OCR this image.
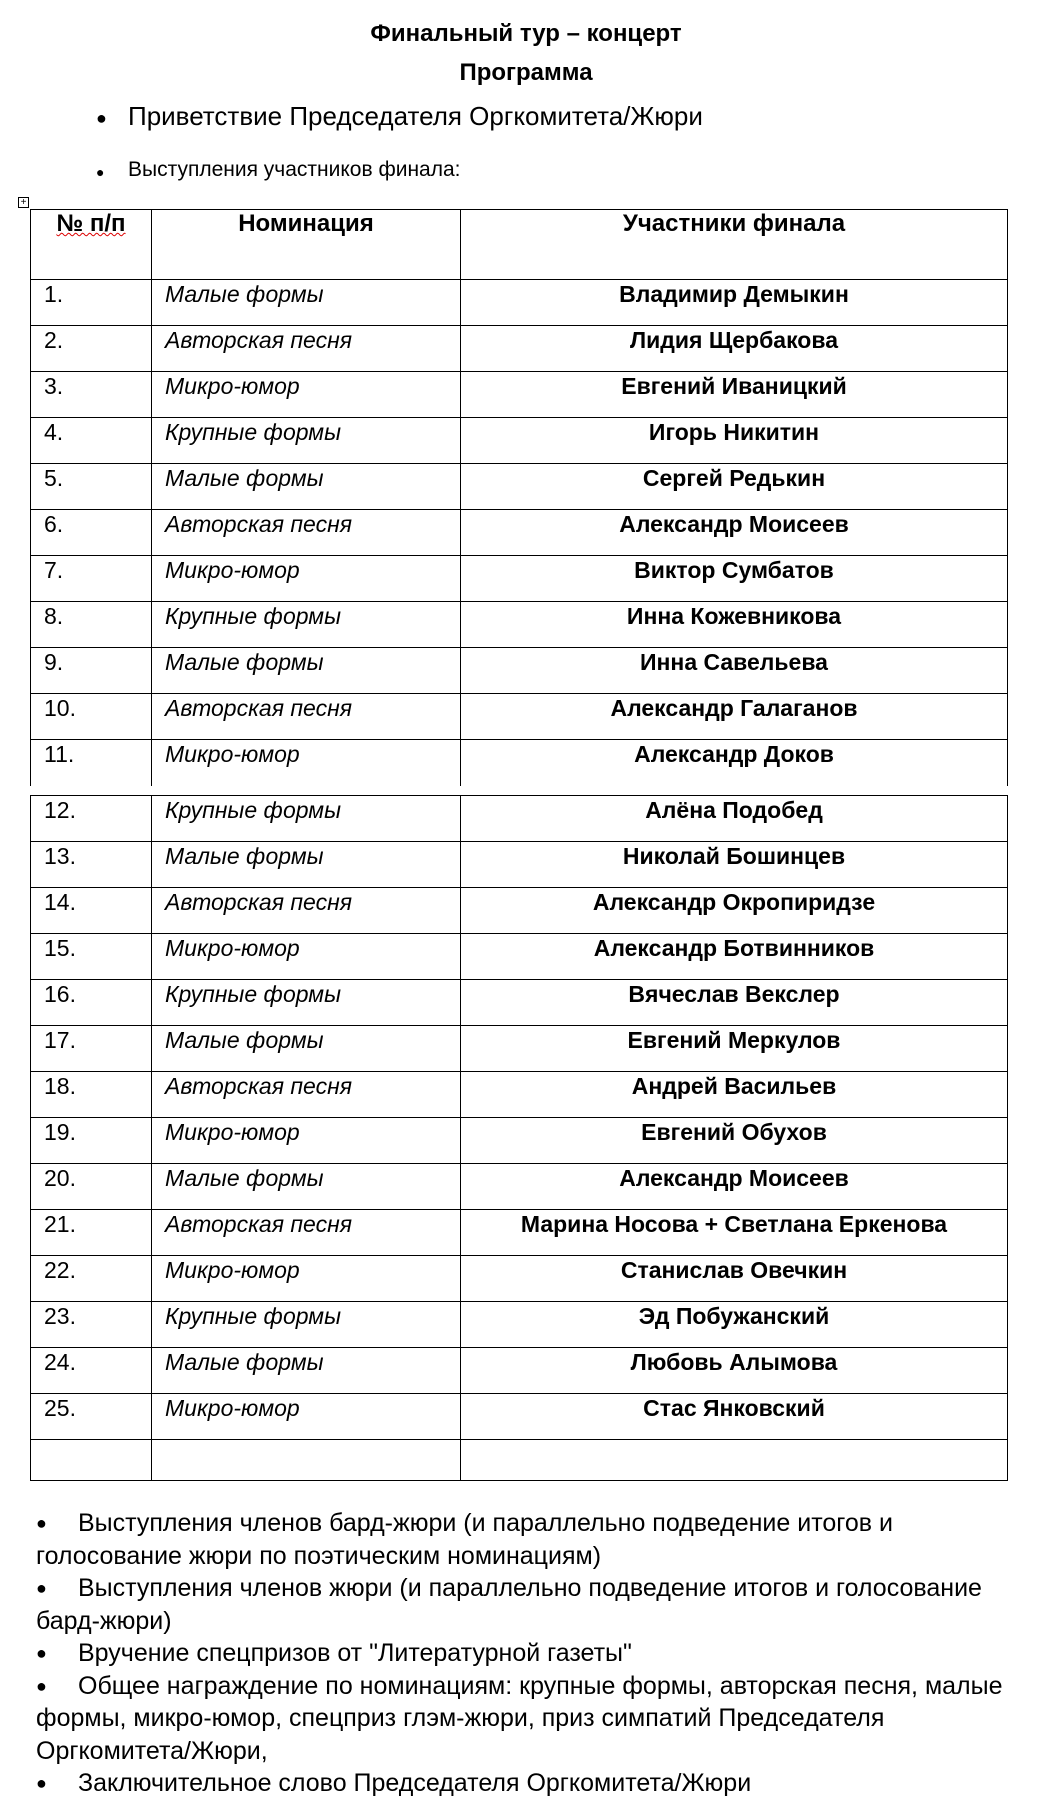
Финальный тур – концерт
Программа
● Приветствие Председателя Оргкомитета/Жюри
● Выступления участников финала:
+
№ п/п	Номинация	Участники финала
1.	Малые формы	Владимир Демыкин
2.	Авторская песня	Лидия Щербакова
3.	Микро-юмор	Евгений Иваницкий
4.	Крупные формы	Игорь Никитин
5.	Малые формы	Сергей Редькин
6.	Авторская песня	Александр Моисеев
7.	Микро-юмор	Виктор Сумбатов
8.	Крупные формы	Инна Кожевникова
9.	Малые формы	Инна Савельева
10.	Авторская песня	Александр Галаганов
11.	Микро-юмор	Александр Доков
12.	Крупные формы	Алёна Подобед
13.	Малые формы	Николай Бошинцев
14.	Авторская песня	Александр Окропиридзе
15.	Микро-юмор	Александр Ботвинников
16.	Крупные формы	Вячеслав Векслер
17.	Малые формы	Евгений Меркулов
18.	Авторская песня	Андрей Васильев
19.	Микро-юмор	Евгений Обухов
20.	Малые формы	Александр Моисеев
21.	Авторская песня	Марина Носова + Светлана Еркенова
22.	Микро-юмор	Станислав Овечкин
23.	Крупные формы	Эд Побужанский
24.	Малые формы	Любовь Алымова
25.	Микро-юмор	Стас Янковский

● Выступления членов бард-жюри (и параллельно подведение итогов и голосование жюри по поэтическим номинациям)
● Выступления членов жюри (и параллельно подведение итогов и голосование бард-жюри)
● Вручение спецпризов от "Литературной газеты"
● Общее награждение по номинациям: крупные формы, авторская песня, малые формы, микро-юмор, спецприз глэм-жюри, приз симпатий Председателя Оргкомитета/Жюри,
● Заключительное слово Председателя Оргкомитета/Жюри
